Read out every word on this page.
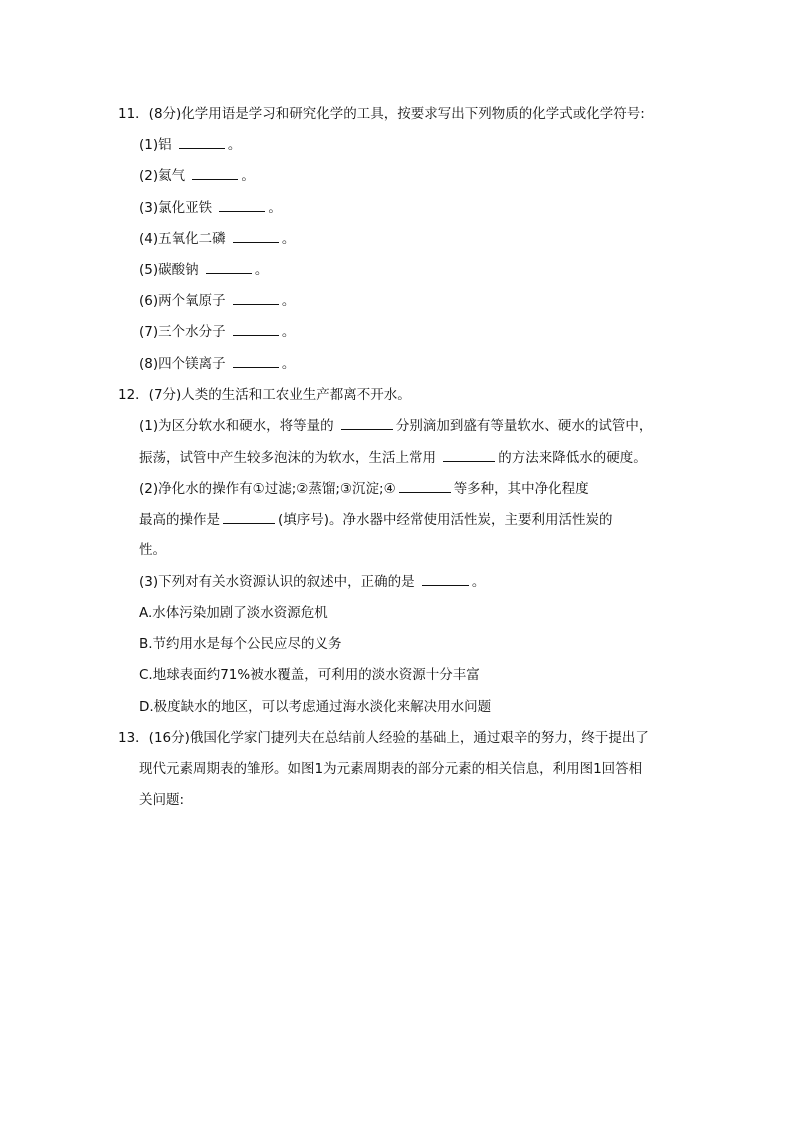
11．(8分)化学用语是学习和研究化学的工具，按要求写出下列物质的化学式或化学符号:
(1)铝	。
(2)氦气	。
(3)氯化亚铁	。
(4)五氧化二磷	。
(5)碳酸钠	。
(6)两个氧原子	。
(7)三个水分子	。
(8)四个镁离子	。
12．(7分)人类的生活和工农业生产都离不开水。
(1)为区分软水和硬水，将等量的	分别滴加到盛有等量软水、硬水的试管中，
振荡，试管中产生较多泡沫的为软水，生活上常用	的方法来降低水的硬度。
(2)净化水的操作有①过滤;②蒸馏;③沉淀;④	等多种，其中净化程度
最高的操作是	(填序号)。净水器中经常使用活性炭，主要利用活性炭的
性。
(3)下列对有关水资源认识的叙述中，正确的是	。
A.水体污染加剧了淡水资源危机
B.节约用水是每个公民应尽的义务
C.地球表面约71%被水覆盖，可利用的淡水资源十分丰富
D.极度缺水的地区，可以考虑通过海水淡化来解决用水问题
13．(16分)俄国化学家门捷列夫在总结前人经验的基础上，通过艰辛的努力，终于提出了
现代元素周期表的雏形。如图1为元素周期表的部分元素的相关信息，利用图1回答相
关问题:
